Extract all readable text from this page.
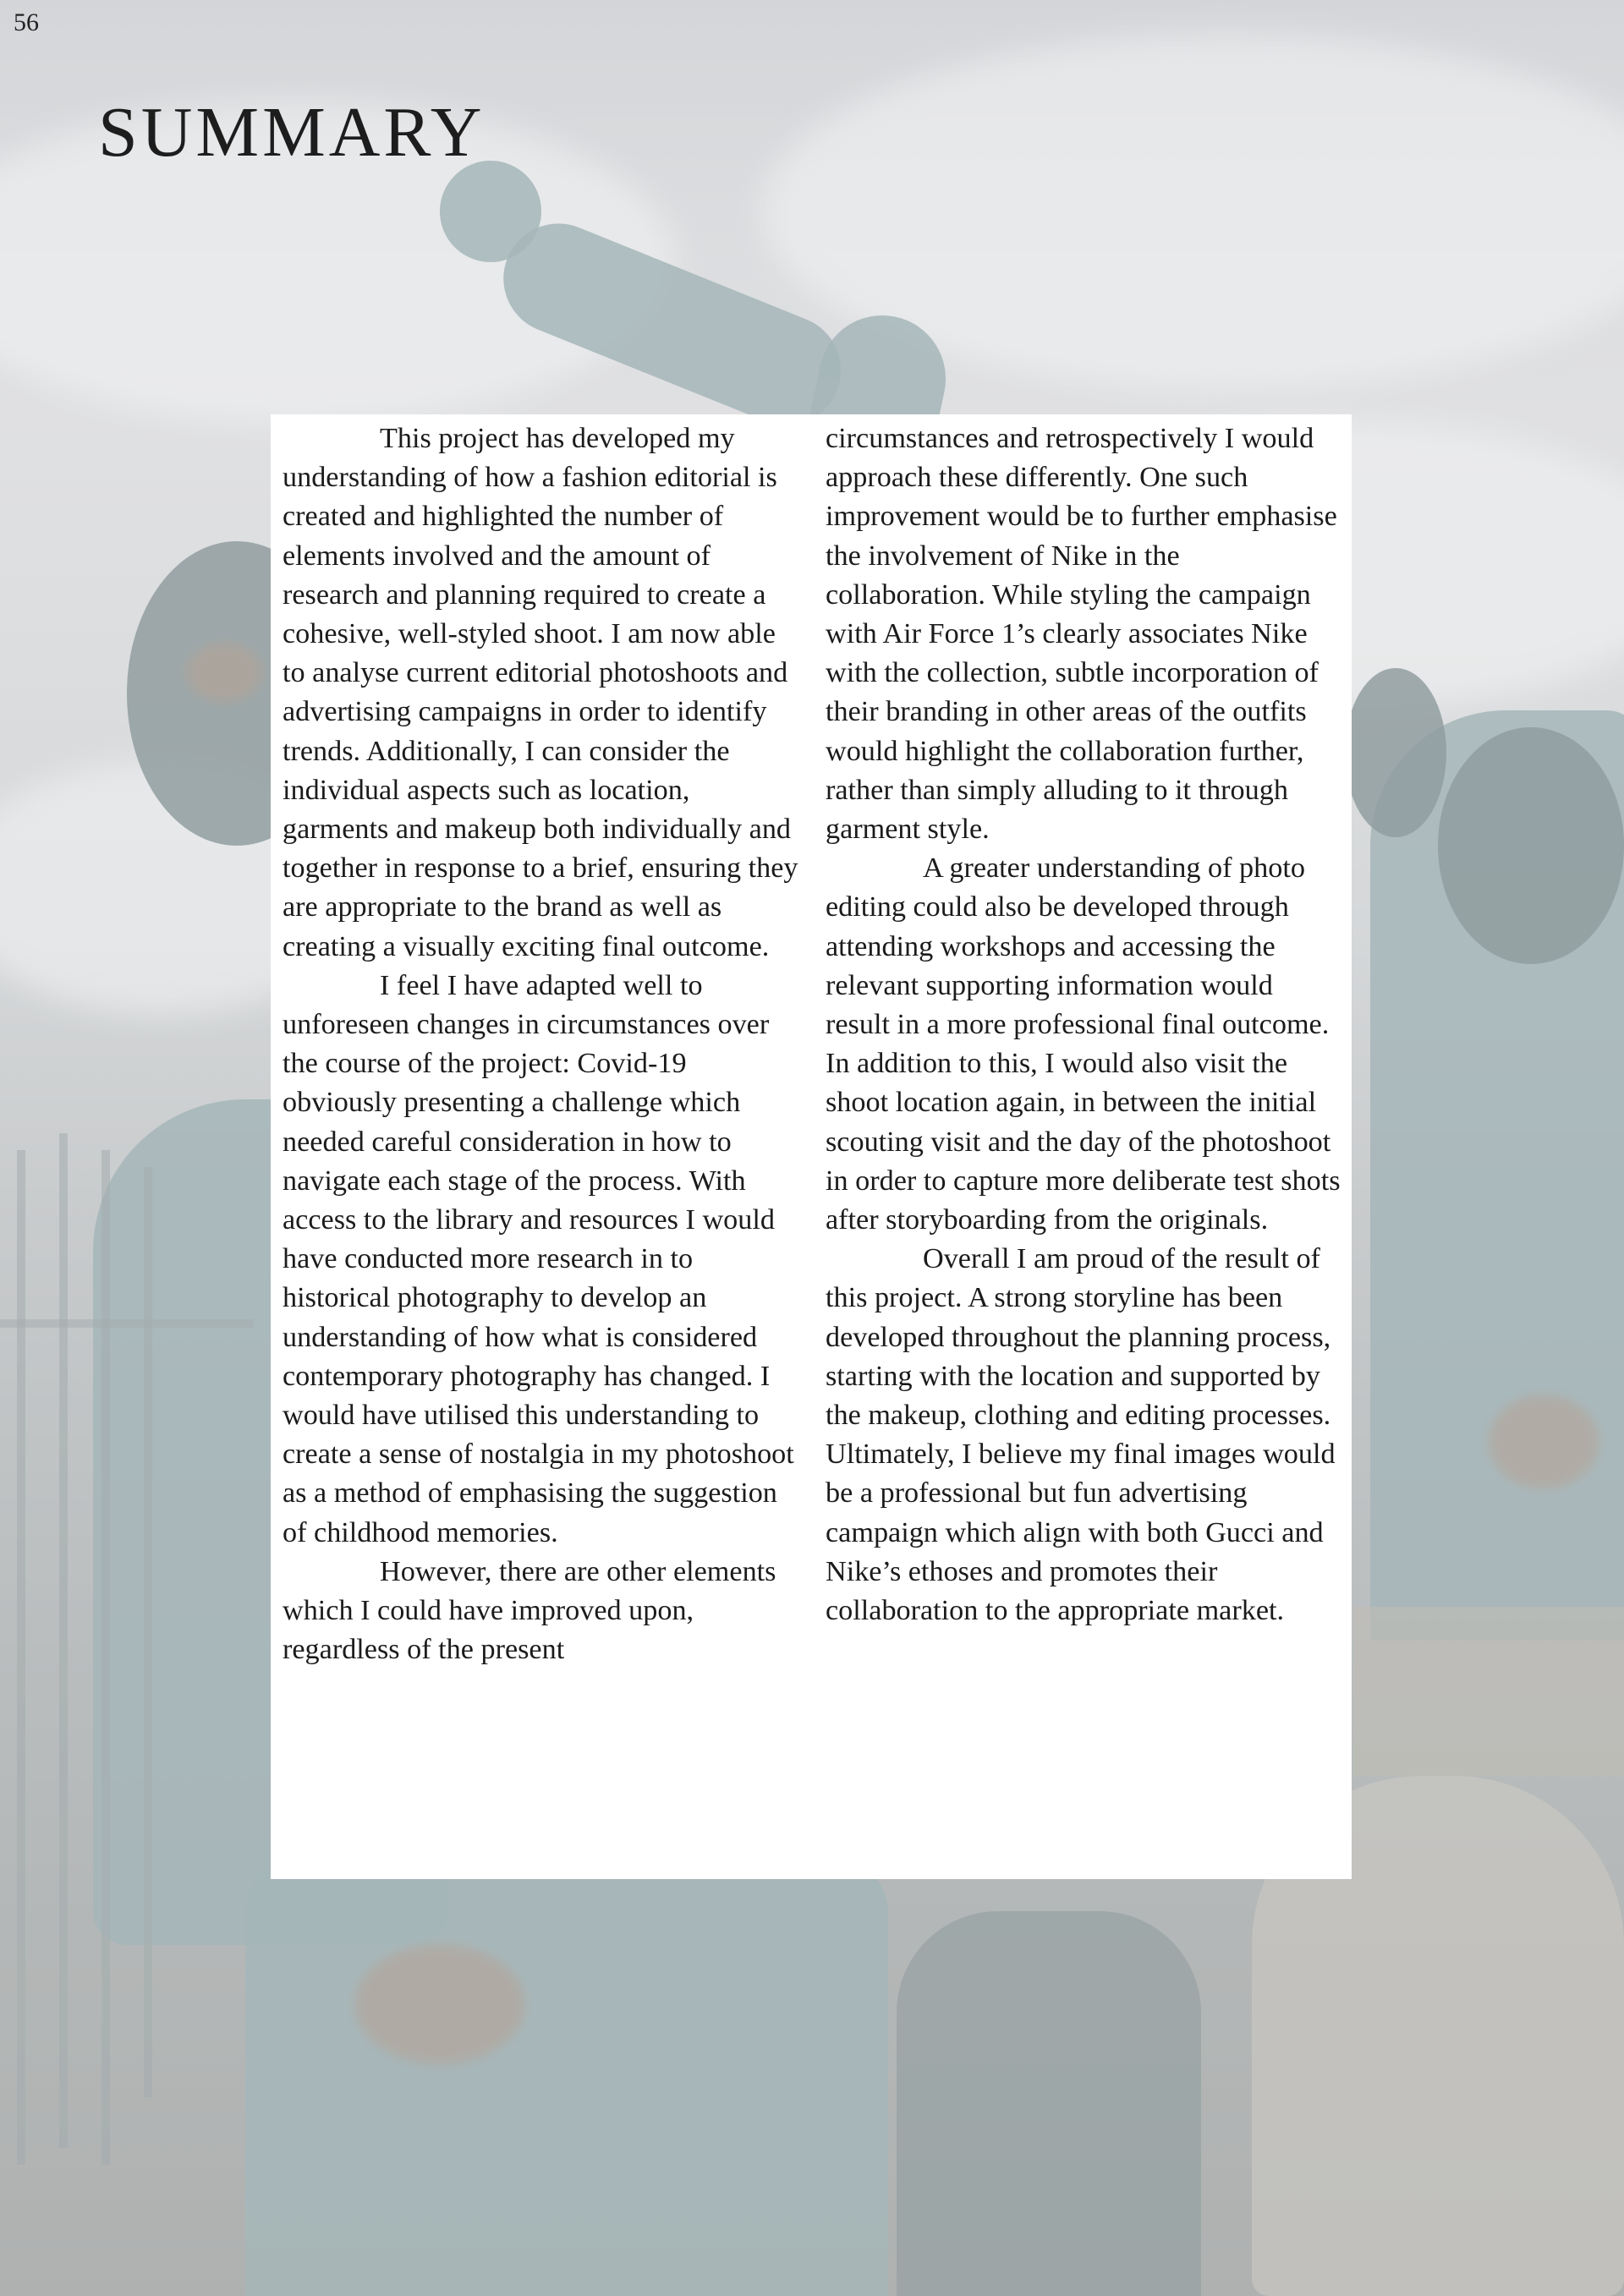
56
SUMMARY

This project has developed my understanding of how a fashion editorial is created and highlighted the number of elements involved and the amount of research and planning required to create a cohesive, well-styled shoot. I am now able to analyse current editorial photoshoots and advertising campaigns in order to identify trends. Additionally, I can consider the individual aspects such as location, garments and makeup both individually and together in response to a brief, ensuring they are appropriate to the brand as well as creating a visually exciting final outcome.

I feel I have adapted well to unforeseen changes in circumstances over the course of the project: Covid-19 obviously presenting a challenge which needed careful consideration in how to navigate each stage of the process. With access to the library and resources I would have conducted more research in to historical photography to develop an understanding of how what is considered contemporary photography has changed. I would have utilised this understanding to create a sense of nostalgia in my photoshoot as a method of emphasising the suggestion of childhood memories.

However, there are other elements which I could have improved upon, regardless of the present

circumstances and retrospectively I would approach these differently. One such improvement would be to further emphasise the involvement of Nike in the collaboration. While styling the campaign with Air Force 1’s clearly associates Nike with the collection, subtle incorporation of their branding in other areas of the outfits would highlight the collaboration further, rather than simply alluding to it through garment style.

A greater understanding of photo editing could also be developed through attending workshops and accessing the relevant supporting information would result in a more professional final outcome. In addition to this, I would also visit the shoot location again, in between the initial scouting visit and the day of the photoshoot in order to capture more deliberate test shots after storyboarding from the originals.

Overall I am proud of the result of this project. A strong storyline has been developed throughout the planning process, starting with the location and supported by the makeup, clothing and editing processes. Ultimately, I believe my final images would be a professional but fun advertising campaign which align with both Gucci and Nike’s ethoses and promotes their collaboration to the appropriate market.
